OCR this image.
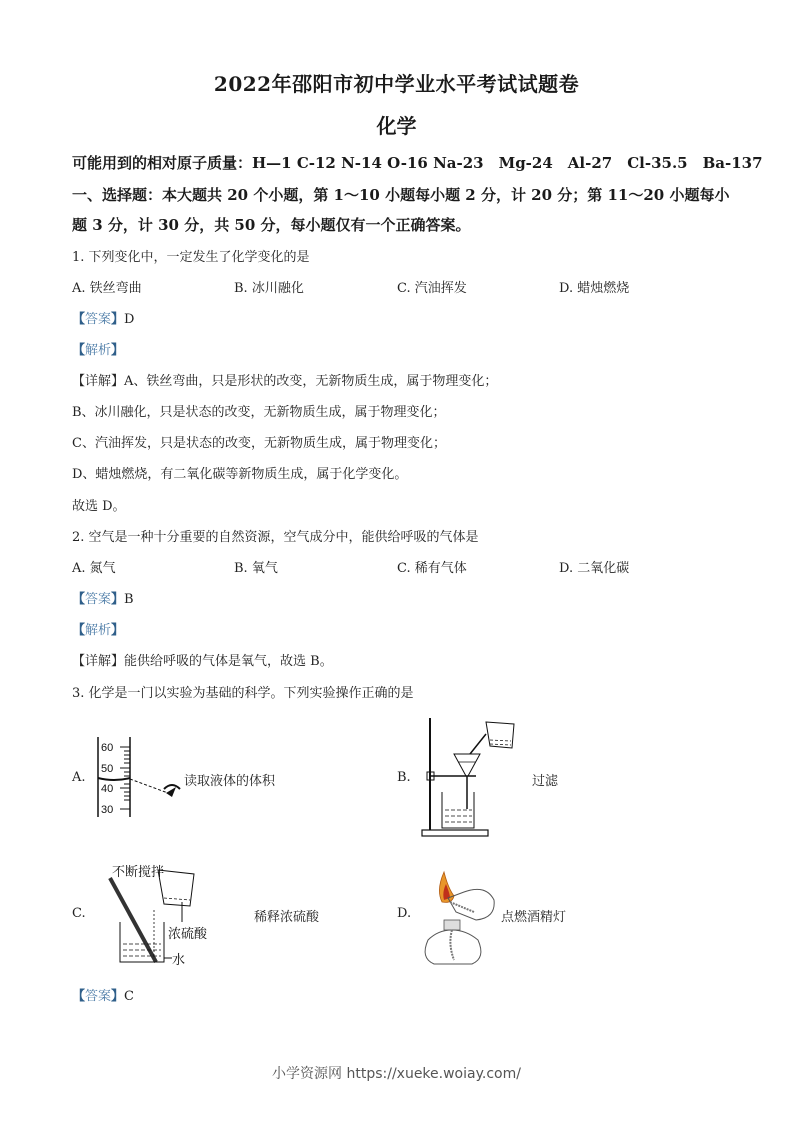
2022年邵阳市初中学业水平考试试题卷
化学
可能用到的相对原子质量：H—1 C-12 N-14 O-16 Na-23　Mg-24　Al-27　Cl-35.5　Ba-137
一、选择题：本大题共 20 个小题，第 1～10 小题每小题 2 分，计 20 分；第 11～20 小题每小
题 3 分，计 30 分，共 50 分，每小题仅有一个正确答案。
1. 下列变化中，一定发生了化学变化的是
A. 铁丝弯曲	B. 冰川融化	C. 汽油挥发	D. 蜡烛燃烧
【答案】D
【解析】
【详解】A、铁丝弯曲，只是形状的改变，无新物质生成，属于物理变化；
B、冰川融化，只是状态的改变，无新物质生成，属于物理变化；
C、汽油挥发，只是状态的改变，无新物质生成，属于物理变化；
D、蜡烛燃烧，有二氧化碳等新物质生成，属于化学变化。
故选 D。
2. 空气是一种十分重要的自然资源，空气成分中，能供给呼吸的气体是
A. 氮气	B. 氧气	C. 稀有气体	D. 二氧化碳
【答案】B
【解析】
【详解】能供给呼吸的气体是氧气，故选 B。
3. 化学是一门以实验为基础的科学。下列实验操作正确的是
A.
60
50
40
30
读取液体的体积	B.	过滤
C.
不断搅拌
浓硫酸
水
稀释浓硫酸	D.	点燃酒精灯
【答案】C
小学资源网 https://xueke.woiay.com/
